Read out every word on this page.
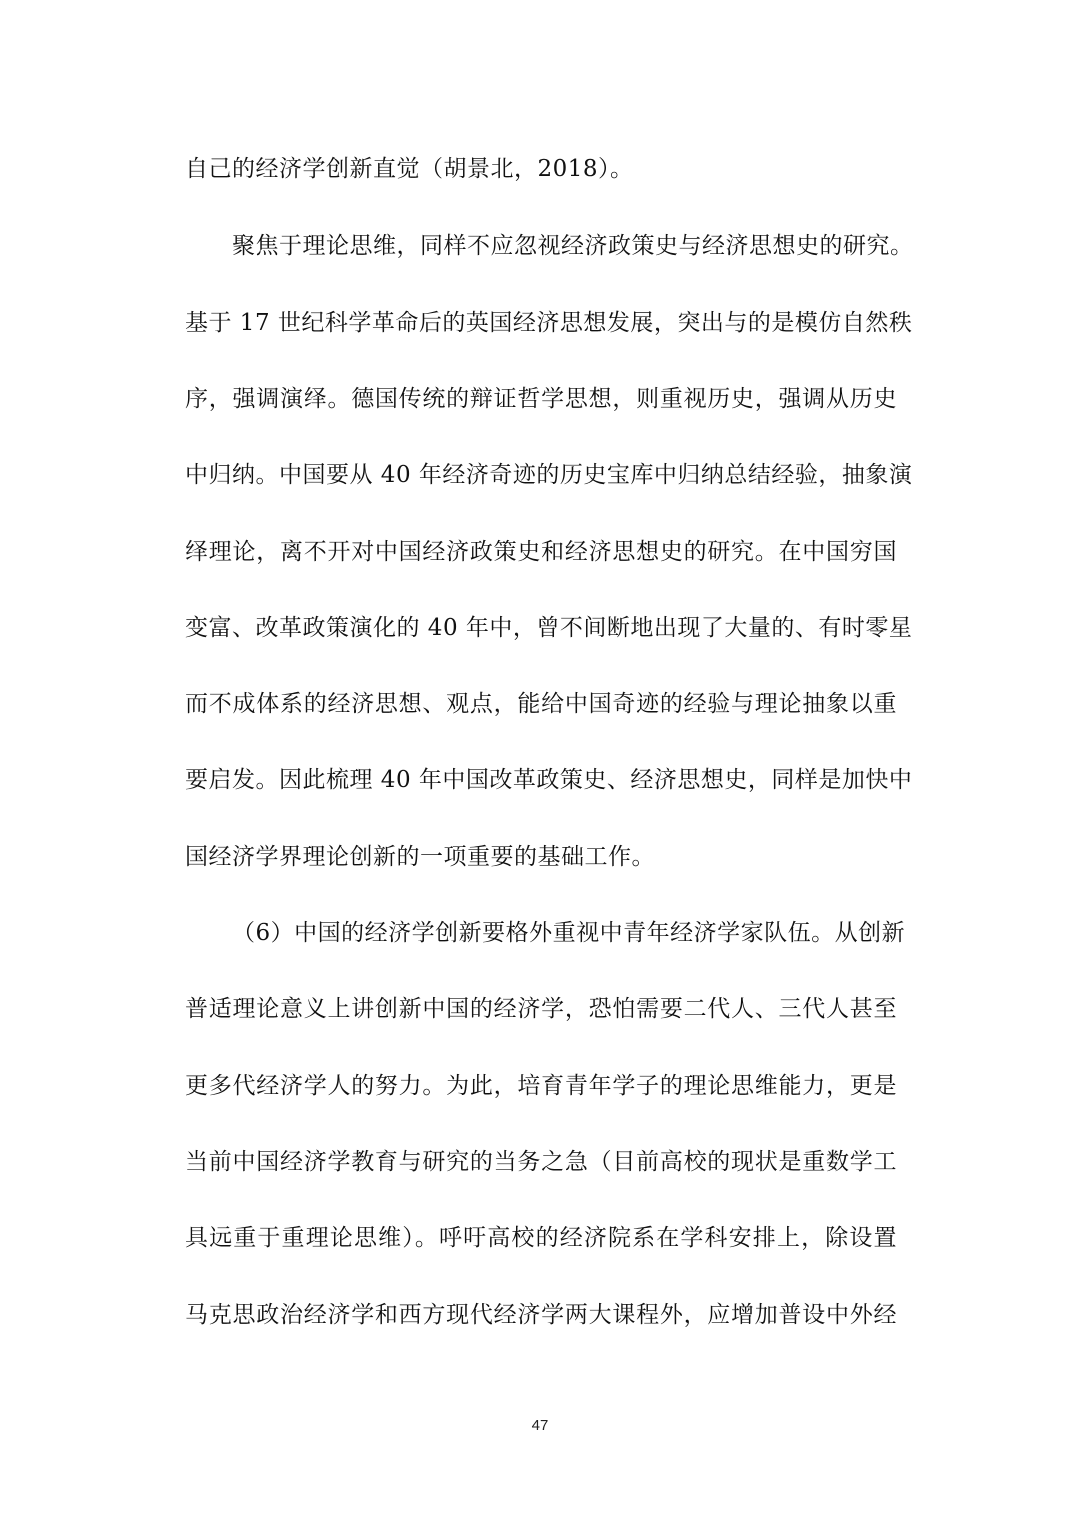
自己的经济学创新直觉（胡景北，2018）。
聚焦于理论思维，同样不应忽视经济政策史与经济思想史的研究。
基于 17 世纪科学革命后的英国经济思想发展，突出与的是模仿自然秩
序，强调演绎。德国传统的辩证哲学思想，则重视历史，强调从历史
中归纳。中国要从 40 年经济奇迹的历史宝库中归纳总结经验，抽象演
绎理论，离不开对中国经济政策史和经济思想史的研究。在中国穷国
变富、改革政策演化的 40 年中，曾不间断地出现了大量的、有时零星
而不成体系的经济思想、观点，能给中国奇迹的经验与理论抽象以重
要启发。因此梳理 40 年中国改革政策史、经济思想史，同样是加快中
国经济学界理论创新的一项重要的基础工作。
（6）中国的经济学创新要格外重视中青年经济学家队伍。从创新
普适理论意义上讲创新中国的经济学，恐怕需要二代人、三代人甚至
更多代经济学人的努力。为此，培育青年学子的理论思维能力，更是
当前中国经济学教育与研究的当务之急（目前高校的现状是重数学工
具远重于重理论思维）。呼吁高校的经济院系在学科安排上，除设置
马克思政治经济学和西方现代经济学两大课程外，应增加普设中外经
47
